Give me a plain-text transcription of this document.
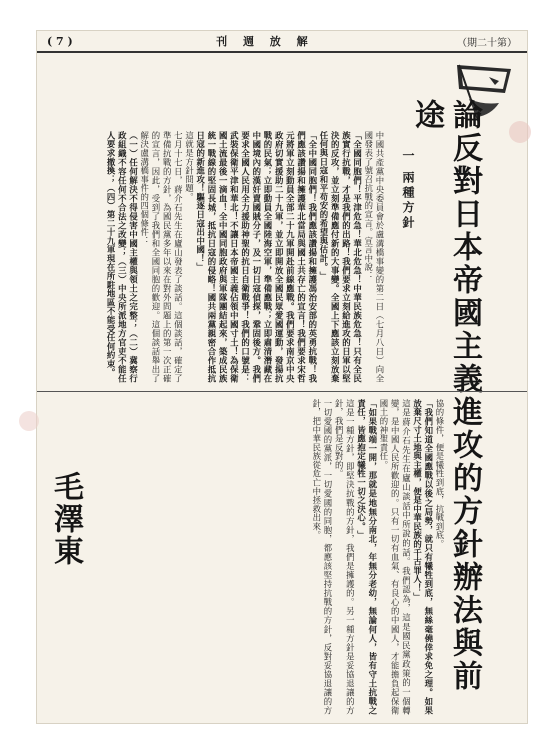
( 7 )	刊 週 放 解	（期二十第）
論反對日本帝國主義進攻的方針辦法與前途
一 兩種方針

中國共產黨中央委員會於盧溝橋事變的第二日（七月八日）向全國發表了號召抗戰的宣言。宣言中說：

「全國同胞們！平津危急！華北危急！中華民族危急！只有全民族實行抗戰，才是我們的出路！我們要求立刻給進攻的日軍以堅決的反攻，並立刻準備應付新的大事變。全國上下應該立刻放棄任何與日寇和平苟安的希望與估計。」

「全中國同胞們！我們應該讚揚和擁護馮治安部的英勇抗戰！我們應該讚揚和擁護華北當局與國土共存亡的宣言！我們要求宋哲元將軍立刻動員全部二十九軍開赴前線應戰。我們要求南京中央政府切實援助二十九軍，並立即開放全國民眾愛國運動，發揚抗戰的民氣；立即動員全國陸海空軍，準備應戰；立即肅清潛藏在中國境內的漢奸賣國賊分子，及一切日寇偵探，鞏固後方。我們要求全國人民用全力援助神聖的抗日自衛戰爭！我們的口號是：武裝保衛平津和華北！不讓日本帝國主義佔領中國寸土！為保衛國土流最後一滴血！全中國同胞政府與軍隊團結起來，築成民族統一戰線的堅固長城，抵抗日寇的侵略！國共兩黨親密合作抵抗日寇的新進攻！驅逐日寇出中國！」

這就是方針問題。

七月十七日，蔣介石先生在廬山發表了談話。這個談話，確定了準備抗戰的方針，為國民黨多年以來在對外問題上的第一次正確的宣言，因此，受到了我們和全國同胞的歡迎。這個談話舉出了解決盧溝橋事件的四個條件：

（一）任何解決不得侵害中國主權與領土之完整；（二）冀察行政組織不容任何不合法之改變；（三）中央所派地方官吏不能任人要求撤換；（四）第二十九軍現在所駐地區不能受任何約束。

協的條件，便是犧牲到底，抗戰到底。

「我們知道全國應戰以後之局勢，就只有犧牲到底，無絲毫僥倖求免之理。如果放棄尺寸土地與主權，便是中華民族的千古罪人！」

這是蔣介石先生在廬山談話中所說的話。我們認為，這是國民黨政策的一個轉變，是中國人民所歡迎的。只有一切有血氣、有良心的中國人，才能擔負起保衛國土的神聖責任。

「如果戰端一開，那就是地無分南北，年無分老幼，無論何人，皆有守土抗戰之責任，皆應抱定犧牲一切之決心。」

這是一種方針，即堅決抗戰的方針，我們是擁護的。另一種方針是妥協退讓的方針，我們是反對的。

一切愛國的黨派，一切愛國的同胞，都應該堅持抗戰的方針，反對妥協退讓的方針，把中華民族從危亡中拯救出來。

毛澤東
